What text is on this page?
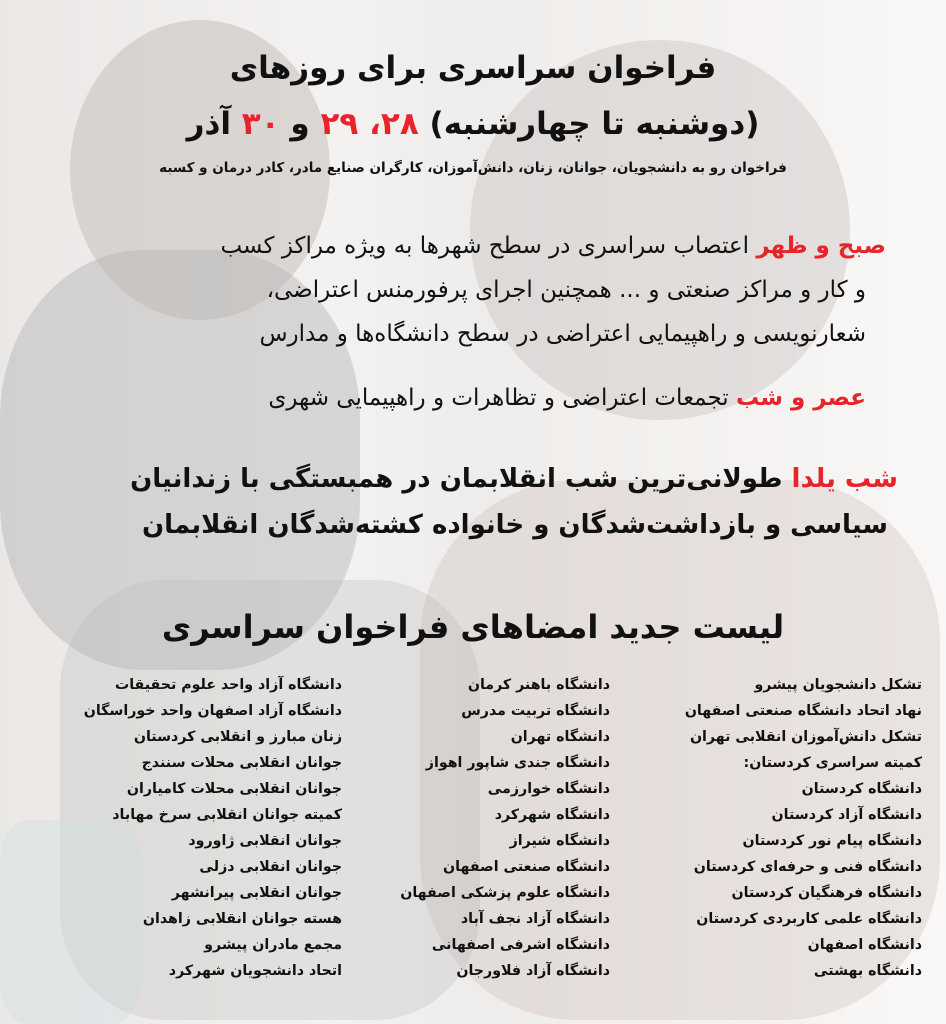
فراخوان سراسری برای روزهای
(دوشنبه تا چهارشنبه) ۲۸، ۲۹ و ۳۰ آذر
فراخوان رو به دانشجویان، جوانان، زنان، دانش‌آموزان، کارگران صنایع مادر، کادر درمان و کسبه
صبح و ظهر اعتصاب سراسری در سطح شهرها به ویژه مراکز کسب
و کار و مراکز صنعتی و ... همچنین اجرای پرفورمنس اعتراضی،
شعارنویسی و راهپیمایی اعتراضی در سطح دانشگاه‌ها و مدارس
عصر و شب تجمعات اعتراضی و تظاهرات و راهپیمایی شهری
شب یلدا طولانی‌ترین شب انقلابمان در همبستگی با زندانیان
سیاسی و بازداشت‌شدگان و خانواده کشته‌شدگان انقلابمان
لیست جدید امضاهای فراخوان سراسری
تشکل دانشجویان پیشرو
نهاد اتحاد دانشگاه صنعتی اصفهان
تشکل دانش‌آموزان انقلابی تهران
کمیته سراسری کردستان:
دانشگاه کردستان
دانشگاه آزاد کردستان
دانشگاه پیام نور کردستان
دانشگاه فنی و حرفه‌ای کردستان
دانشگاه فرهنگیان کردستان
دانشگاه علمی کاربردی کردستان
دانشگاه اصفهان
دانشگاه بهشتی
دانشگاه باهنر کرمان
دانشگاه تربیت مدرس
دانشگاه تهران
دانشگاه جندی شاپور اهواز
دانشگاه خوارزمی
دانشگاه شهرکرد
دانشگاه شیراز
دانشگاه صنعتی اصفهان
دانشگاه علوم پزشکی اصفهان
دانشگاه آزاد نجف آباد
دانشگاه اشرفی اصفهانی
دانشگاه آزاد فلاورجان
دانشگاه آزاد واحد علوم تحقیقات
دانشگاه آزاد اصفهان واحد خوراسگان
زنان مبارز و انقلابی کردستان
جوانان انقلابی محلات سنندج
جوانان انقلابی محلات کامیاران
کمیته جوانان انقلابی سرخ مهاباد
جوانان انقلابی ژاورود
جوانان انقلابی دزلی
جوانان انقلابی پیرانشهر
هسته جوانان انقلابی زاهدان
مجمع مادران پیشرو
اتحاد دانشجویان شهرکرد
